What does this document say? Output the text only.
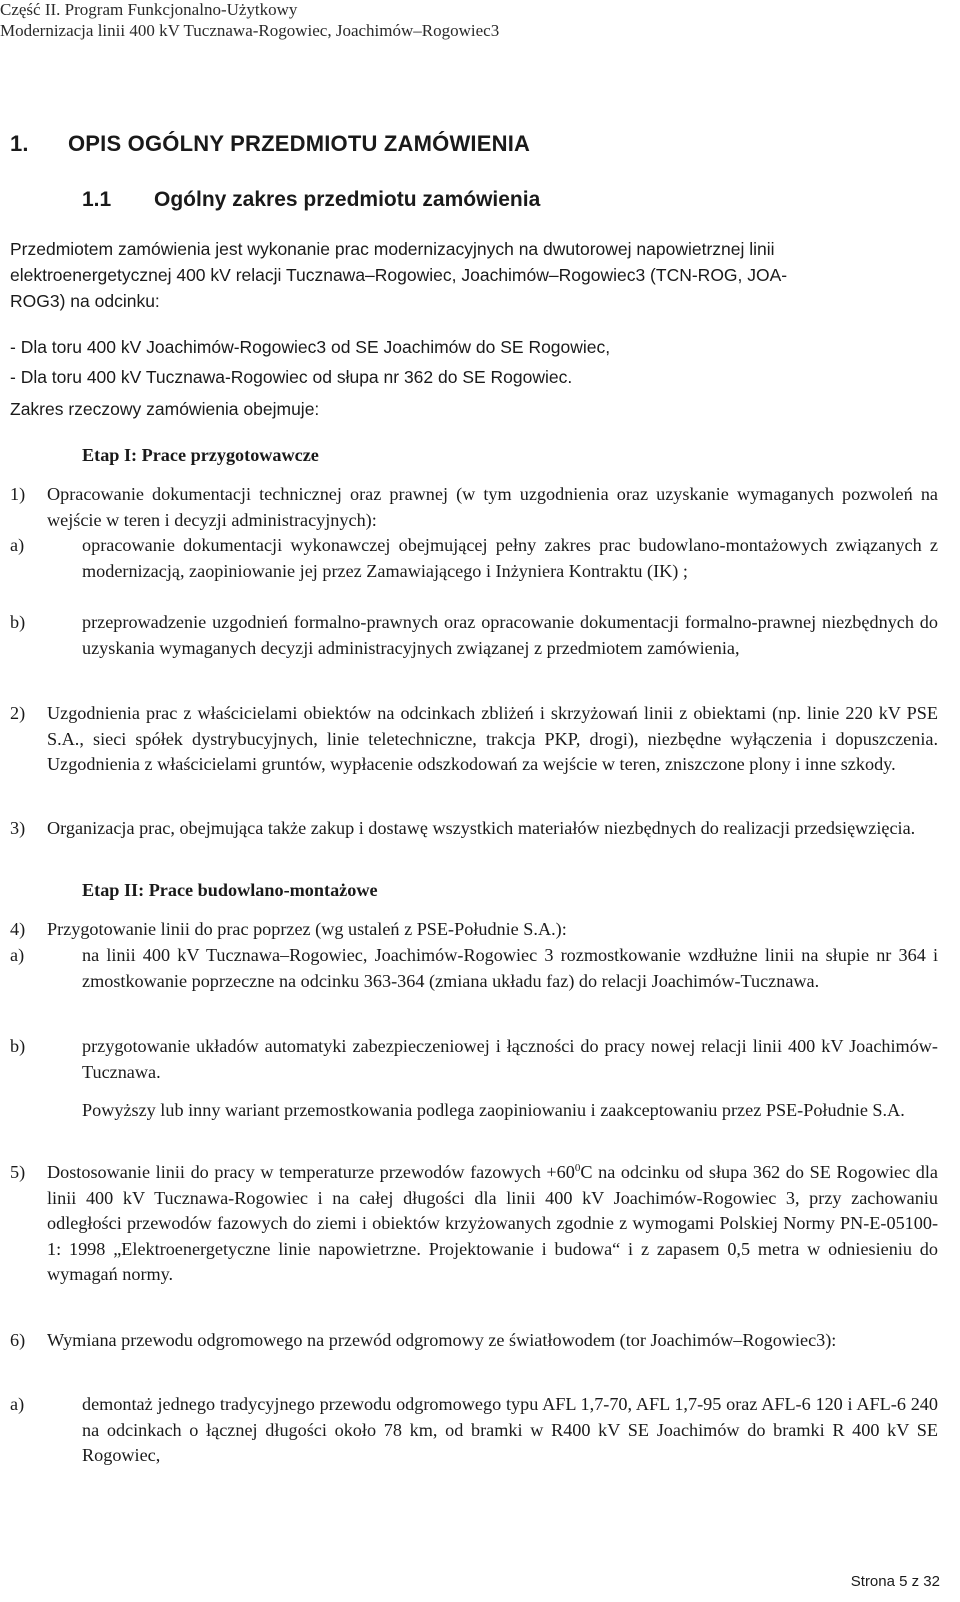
Część II. Program Funkcjonalno-Użytkowy
Modernizacja linii 400 kV Tucznawa-Rogowiec, Joachimów–Rogowiec3
1. OPIS OGÓLNY PRZEDMIOTU ZAMÓWIENIA
1.1 Ogólny zakres przedmiotu zamówienia
Przedmiotem zamówienia jest wykonanie prac modernizacyjnych na dwutorowej napowietrznej linii
elektroenergetycznej 400 kV relacji Tucznawa–Rogowiec, Joachimów–Rogowiec3 (TCN-ROG, JOA-
ROG3) na odcinku:
- Dla toru 400 kV Joachimów-Rogowiec3 od SE Joachimów do SE Rogowiec,
- Dla toru 400 kV Tucznawa-Rogowiec od słupa nr 362 do SE Rogowiec.
Zakres rzeczowy zamówienia obejmuje:
Etap I: Prace przygotowawcze
1) Opracowanie dokumentacji technicznej oraz prawnej (w tym uzgodnienia oraz uzyskanie wymaganych pozwoleń na wejście w teren i decyzji administracyjnych):
a)	opracowanie dokumentacji wykonawczej obejmującej pełny zakres prac budowlano-montażowych związanych z modernizacją, zaopiniowanie jej przez Zamawiającego i Inżyniera Kontraktu (IK) ;
b)	przeprowadzenie uzgodnień formalno-prawnych oraz opracowanie dokumentacji formalno-prawnej niezbędnych do uzyskania wymaganych decyzji administracyjnych związanej z przedmiotem zamówienia,
2) Uzgodnienia prac z właścicielami obiektów na odcinkach zbliżeń i skrzyżowań linii z obiektami (np. linie 220 kV PSE S.A., sieci spółek dystrybucyjnych, linie teletechniczne, trakcja PKP, drogi), niezbędne wyłączenia i dopuszczenia. Uzgodnienia z właścicielami gruntów, wypłacenie odszkodowań za wejście w teren, zniszczone plony i inne szkody.
3) Organizacja prac, obejmująca także zakup i dostawę wszystkich materiałów niezbędnych do realizacji przedsięwzięcia.
Etap II: Prace budowlano-montażowe
4) Przygotowanie linii do prac poprzez (wg ustaleń z PSE-Południe S.A.):
a)	na linii 400 kV Tucznawa–Rogowiec, Joachimów-Rogowiec 3 rozmostkowanie wzdłużne linii na słupie nr 364 i zmostkowanie poprzeczne na odcinku 363-364 (zmiana układu faz) do relacji Joachimów-Tucznawa.
b)	przygotowanie układów automatyki zabezpieczeniowej i łączności do pracy nowej relacji linii 400 kV Joachimów-Tucznawa.
Powyższy lub inny wariant przemostkowania podlega zaopiniowaniu i zaakceptowaniu przez PSE-Południe S.A.
5) Dostosowanie linii do pracy w temperaturze przewodów fazowych $+60^0C$ na odcinku od słupa 362 do SE Rogowiec dla linii 400 kV Tucznawa-Rogowiec i na całej długości dla linii 400 kV Joachimów-Rogowiec 3, przy zachowaniu odległości przewodów fazowych do ziemi i obiektów krzyżowanych zgodnie z wymogami Polskiej Normy PN-E-05100-1: 1998 „Elektroenergetyczne linie napowietrzne. Projektowanie i budowa“ i z zapasem 0,5 metra w odniesieniu do wymagań normy.
6) Wymiana przewodu odgromowego na przewód odgromowy ze światłowodem (tor Joachimów–Rogowiec3):
a)	demontaż jednego tradycyjnego przewodu odgromowego typu AFL 1,7-70, AFL 1,7-95 oraz AFL-6 120 i AFL-6 240 na odcinkach o łącznej długości około 78 km, od bramki w R400 kV SE Joachimów do bramki R 400 kV SE Rogowiec,
Strona 5 z 32
